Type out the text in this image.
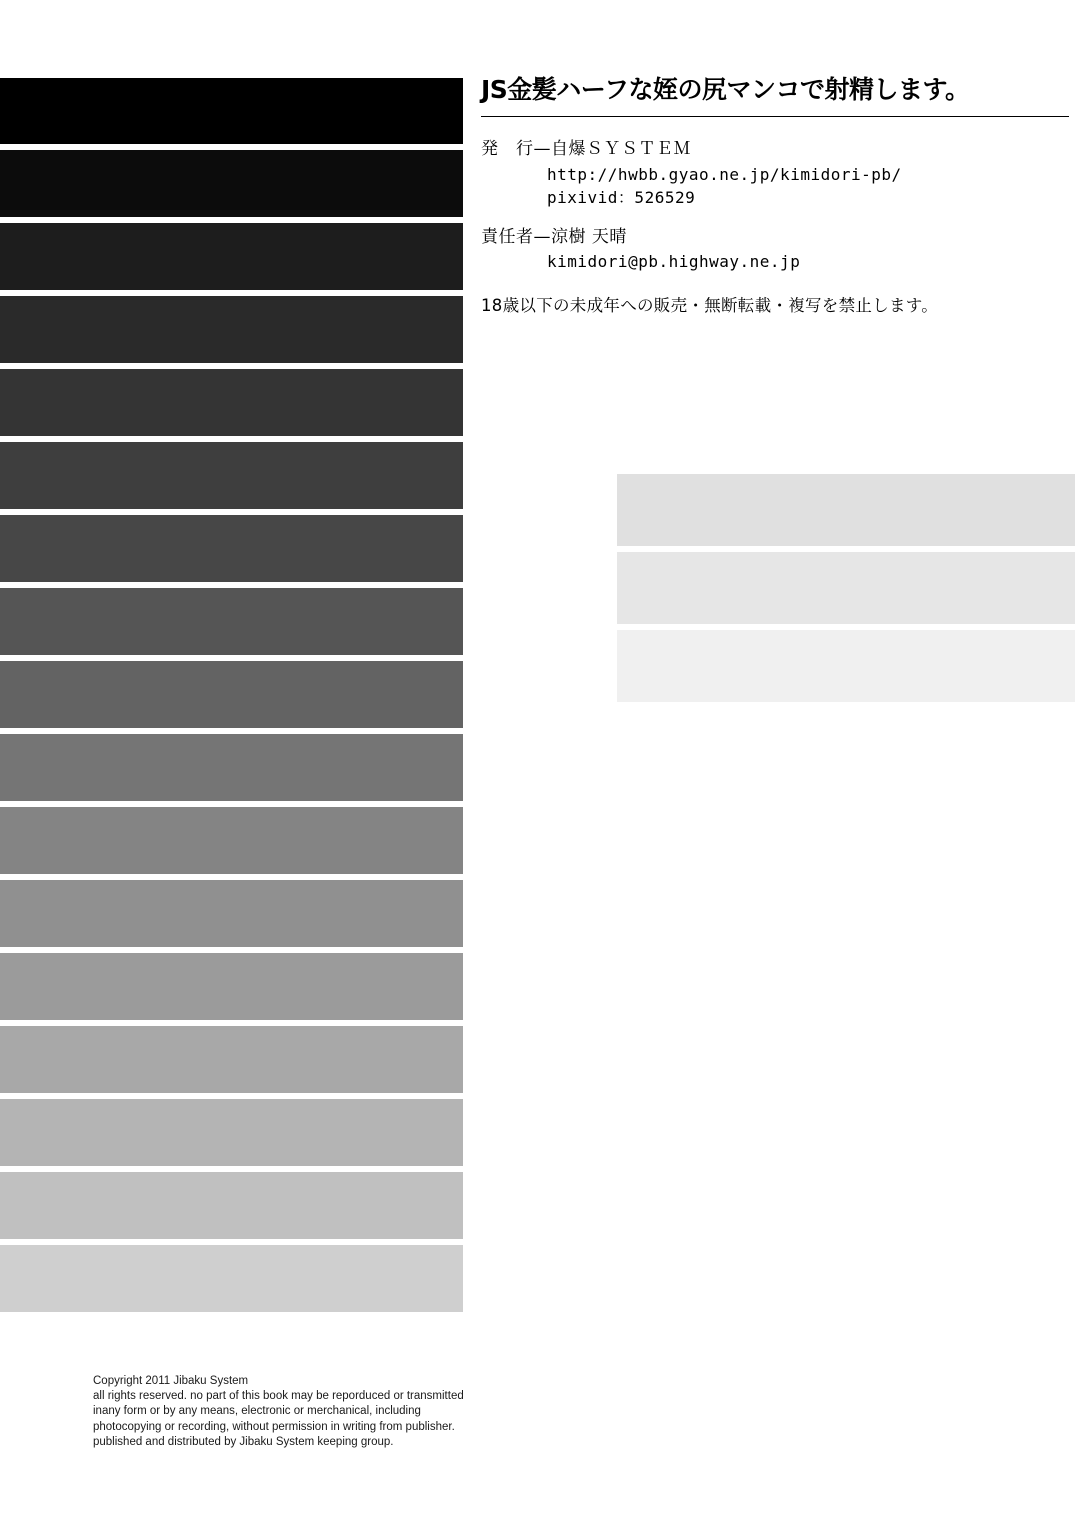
JS金髪ハーフな姪の尻マンコで射精します。
発　行—自爆ＳＹＳＴＥＭ
http://hwbb.gyao.ne.jp/kimidori-pb/
pixivid：526529
責任者—涼樹 天晴
kimidori@pb.highway.ne.jp
18歳以下の未成年への販売・無断転載・複写を禁止します。
Copyright 2011 Jibaku System
all rights reserved. no part of this book may be reporduced or transmitted
inany form or by any means, electronic or merchanical, including
photocopying or recording, without permission in writing from publisher.
published and distributed by Jibaku System keeping group.
